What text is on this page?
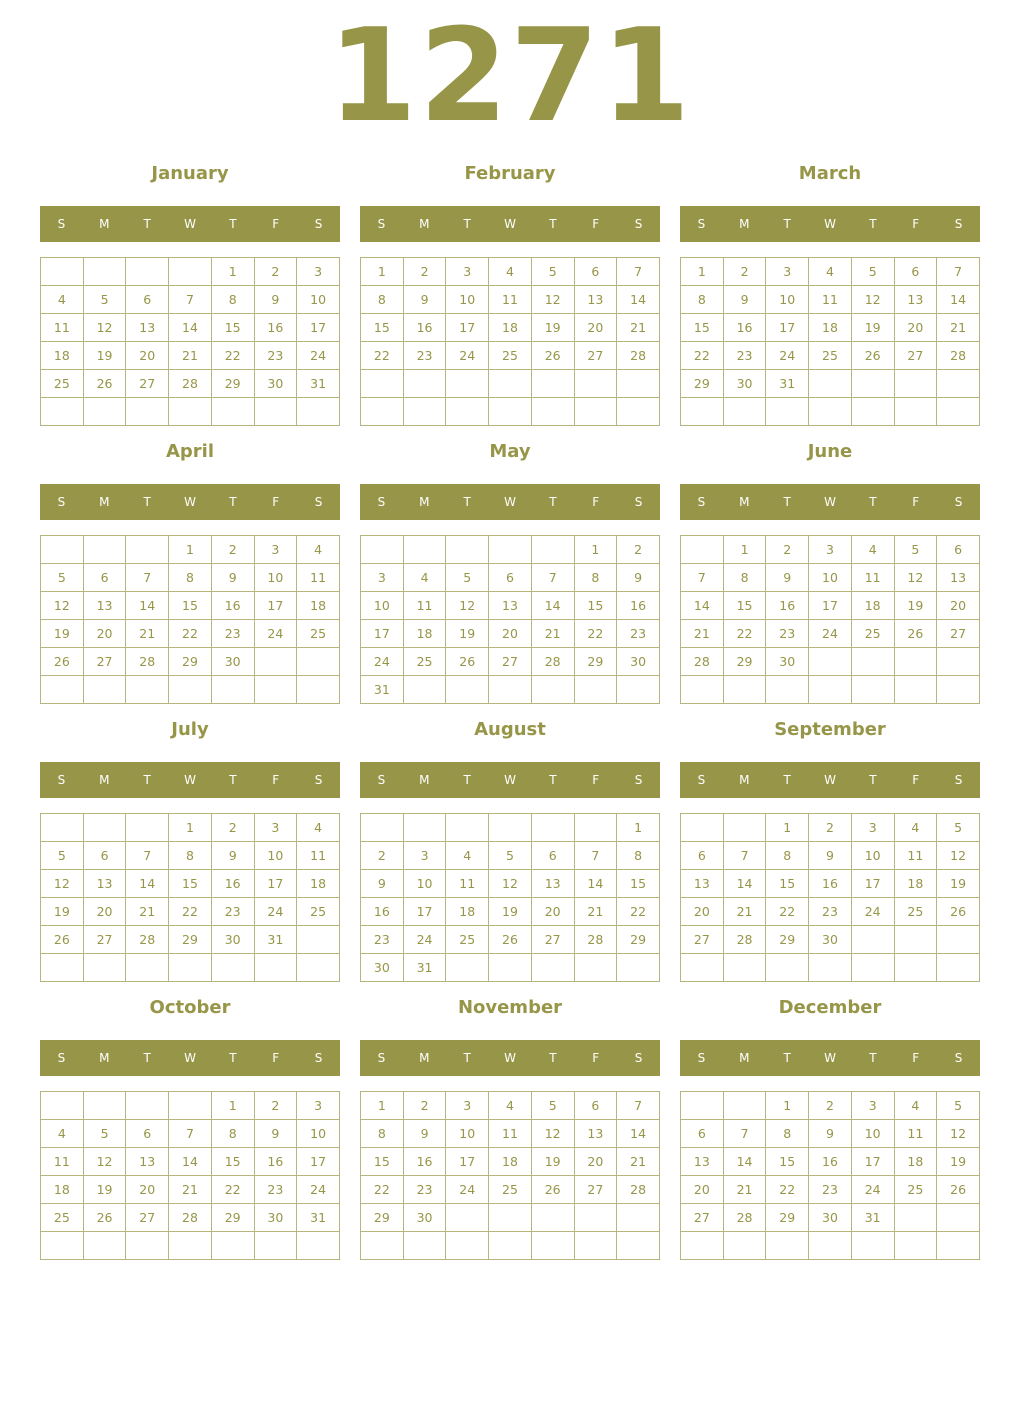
1271
January
S	M	T	W	T	F	S
				1	2	3
4	5	6	7	8	9	10
11	12	13	14	15	16	17
18	19	20	21	22	23	24
25	26	27	28	29	30	31

February
S	M	T	W	T	F	S
1	2	3	4	5	6	7
8	9	10	11	12	13	14
15	16	17	18	19	20	21
22	23	24	25	26	27	28

March
S	M	T	W	T	F	S
1	2	3	4	5	6	7
8	9	10	11	12	13	14
15	16	17	18	19	20	21
22	23	24	25	26	27	28
29	30	31				

April
S	M	T	W	T	F	S
			1	2	3	4
5	6	7	8	9	10	11
12	13	14	15	16	17	18
19	20	21	22	23	24	25
26	27	28	29	30		

May
S	M	T	W	T	F	S
					1	2
3	4	5	6	7	8	9
10	11	12	13	14	15	16
17	18	19	20	21	22	23
24	25	26	27	28	29	30
31						
June
S	M	T	W	T	F	S
	1	2	3	4	5	6
7	8	9	10	11	12	13
14	15	16	17	18	19	20
21	22	23	24	25	26	27
28	29	30				

July
S	M	T	W	T	F	S
			1	2	3	4
5	6	7	8	9	10	11
12	13	14	15	16	17	18
19	20	21	22	23	24	25
26	27	28	29	30	31	

August
S	M	T	W	T	F	S
						1
2	3	4	5	6	7	8
9	10	11	12	13	14	15
16	17	18	19	20	21	22
23	24	25	26	27	28	29
30	31					
September
S	M	T	W	T	F	S
		1	2	3	4	5
6	7	8	9	10	11	12
13	14	15	16	17	18	19
20	21	22	23	24	25	26
27	28	29	30			

October
S	M	T	W	T	F	S
				1	2	3
4	5	6	7	8	9	10
11	12	13	14	15	16	17
18	19	20	21	22	23	24
25	26	27	28	29	30	31

November
S	M	T	W	T	F	S
1	2	3	4	5	6	7
8	9	10	11	12	13	14
15	16	17	18	19	20	21
22	23	24	25	26	27	28
29	30					

December
S	M	T	W	T	F	S
		1	2	3	4	5
6	7	8	9	10	11	12
13	14	15	16	17	18	19
20	21	22	23	24	25	26
27	28	29	30	31		
